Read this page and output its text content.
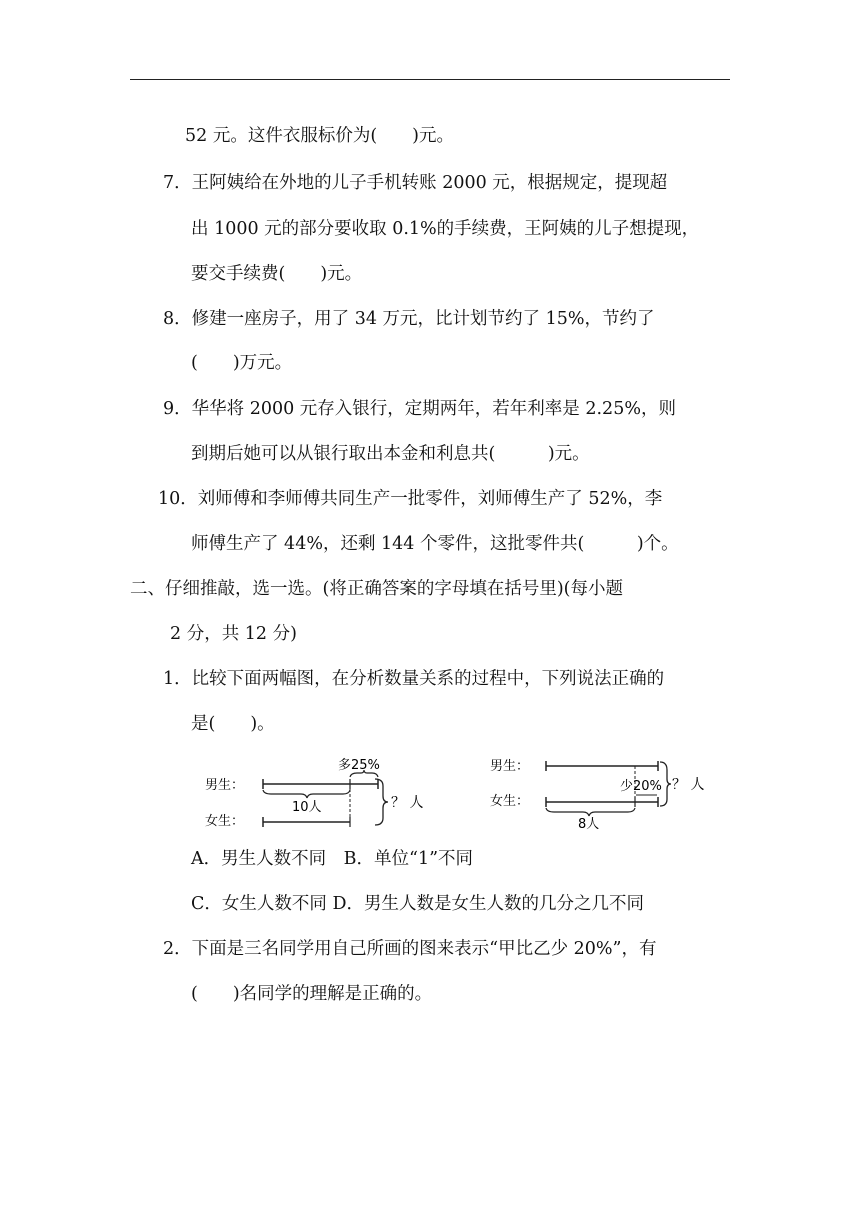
52 元。这件衣服标价为(　　)元。
7．王阿姨给在外地的儿子手机转账 2000 元，根据规定，提现超
出 1000 元的部分要收取 0.1%的手续费，王阿姨的儿子想提现，
要交手续费(　　)元。
8．修建一座房子，用了 34 万元，比计划节约了 15%，节约了
(　　)万元。
9．华华将 2000 元存入银行，定期两年，若年利率是 2.25%，则
到期后她可以从银行取出本金和利息共(　　　)元。
10．刘师傅和李师傅共同生产一批零件，刘师傅生产了 52%，李
师傅生产了 44%，还剩 144 个零件，这批零件共(　　　)个。
二、仔细推敲，选一选。(将正确答案的字母填在括号里)(每小题
2 分，共 12 分)
1．比较下面两幅图，在分析数量关系的过程中，下列说法正确的
是(　　)。
男生：
女生：
多25%
10人	？ 人
男生：
女生：
少20%
8人
？ 人
A．男生人数不同　B．单位“1”不同
C．女生人数不同 D．男生人数是女生人数的几分之几不同
2．下面是三名同学用自己所画的图来表示“甲比乙少 20%”，有
(　　)名同学的理解是正确的。
